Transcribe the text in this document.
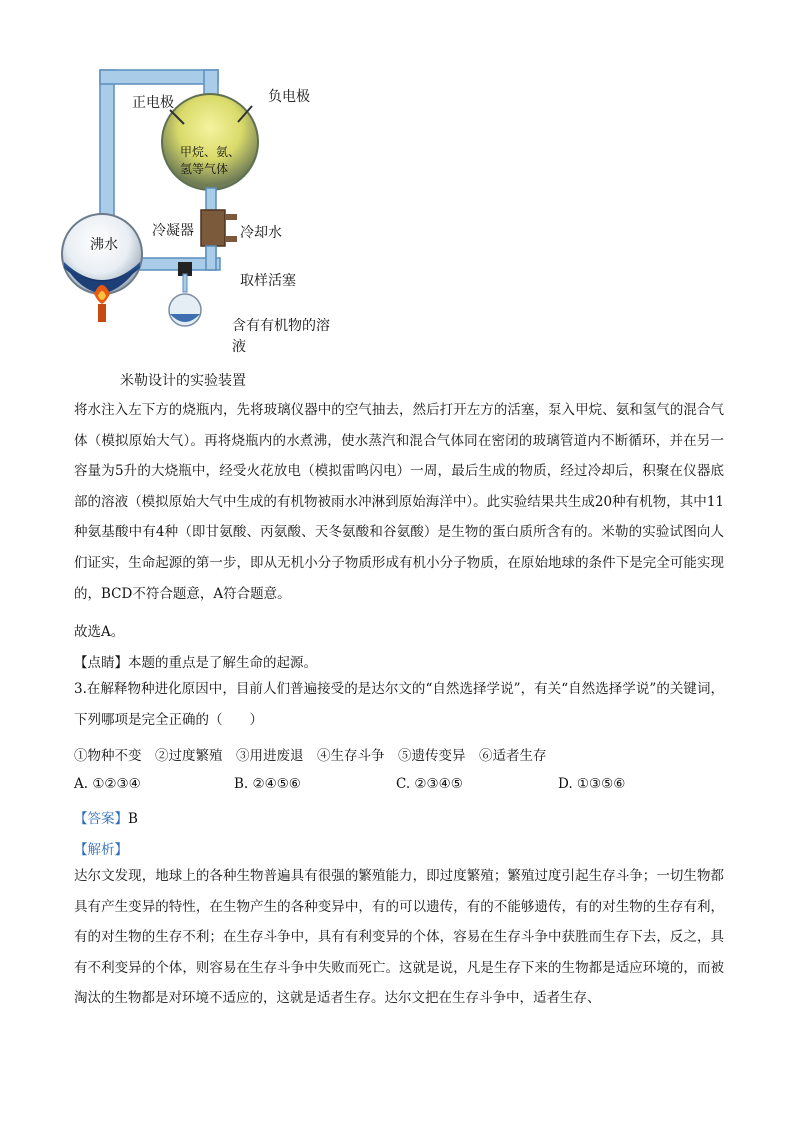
正电极	负电极
甲烷、氨、氢等气体
沸水
冷凝器	冷却水
取样活塞
含有有机物的溶液
米勒设计的实验装置

将水注入左下方的烧瓶内，先将玻璃仪器中的空气抽去，然后打开左方的活塞，泵入甲烷、氨和氢气的混合气体（模拟原始大气）。再将烧瓶内的水煮沸，使水蒸汽和混合气体同在密闭的玻璃管道内不断循环，并在另一容量为5升的大烧瓶中，经受火花放电（模拟雷鸣闪电）一周，最后生成的物质，经过冷却后，积聚在仪器底部的溶液（模拟原始大气中生成的有机物被雨水冲淋到原始海洋中）。此实验结果共生成20种有机物，其中11种氨基酸中有4种（即甘氨酸、丙氨酸、天冬氨酸和谷氨酸）是生物的蛋白质所含有的。米勒的实验试图向人们证实，生命起源的第一步，即从无机小分子物质形成有机小分子物质，在原始地球的条件下是完全可能实现的，BCD不符合题意，A符合题意。

故选A。
【点睛】本题的重点是了解生命的起源。

3.在解释物种进化原因中，目前人们普遍接受的是达尔文的“自然选择学说”，有关“自然选择学说”的关键词，下列哪项是完全正确的（　　）

①物种不变　②过度繁殖　③用进废退　④生存斗争　⑤遗传变异　⑥适者生存
A. ①②③④	B. ②④⑤⑥	C. ②③④⑤	D. ①③⑤⑥
【答案】B
【解析】

达尔文发现，地球上的各种生物普遍具有很强的繁殖能力，即过度繁殖；繁殖过度引起生存斗争；一切生物都具有产生变异的特性，在生物产生的各种变异中，有的可以遗传，有的不能够遗传，有的对生物的生存有利，有的对生物的生存不利；在生存斗争中，具有有利变异的个体，容易在生存斗争中获胜而生存下去，反之，具有不利变异的个体，则容易在生存斗争中失败而死亡。这就是说，凡是生存下来的生物都是适应环境的，而被淘汰的生物都是对环境不适应的，这就是适者生存。达尔文把在生存斗争中，适者生存、
